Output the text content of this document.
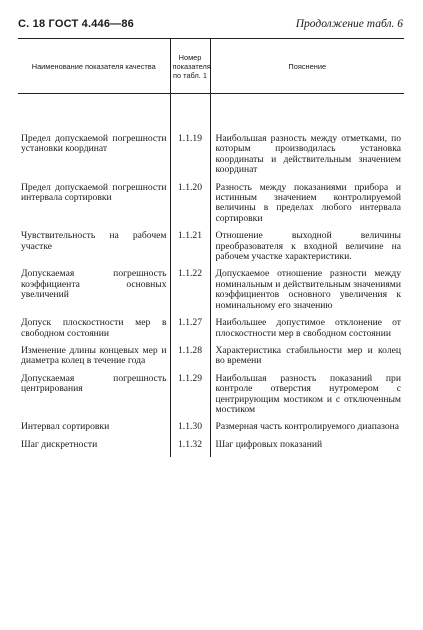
С. 18 ГОСТ 4.446—86	Продолжение табл. 6
Наименование показателя качества	Номер показателя по табл. 1	Пояснение

Предел допускаемой погрешности установки координат	1.1.19	Наибольшая разность между отметками, по которым производилась установка координаты и действительным значением координат
Предел допускаемой погрешности интервала сортировки	1.1.20	Разность между показаниями прибора и истинным значением контролируемой величины в пределах любого интервала сортировки
Чувствительность на рабочем участке	1.1.21	Отношение выходной величины преобразователя к входной величине на рабочем участке характеристики.
Допускаемая погрешность коэффициента основных увеличений	1.1.22	Допускаемое отношение разности между номинальным и действительным значениями коэффициентов основного увеличения к номинальному его значению
Допуск плоскостности мер в свободном состоянии	1.1.27	Наибольшее допустимое отклонение от плоскостности мер в свободном состоянии
Изменение длины концевых мер и диаметра колец в течение года	1.1.28	Характеристика стабильности мер и колец во времени
Допускаемая погрешность центрирования	1.1.29	Наибольшая разность показаний при контроле отверстия нутромером с центрирующим мостиком и с отключенным мостиком
Интервал сортировки	1.1.30	Размерная часть контролируемого диапазона
Шаг дискретности	1.1.32	Шаг цифровых показаний
